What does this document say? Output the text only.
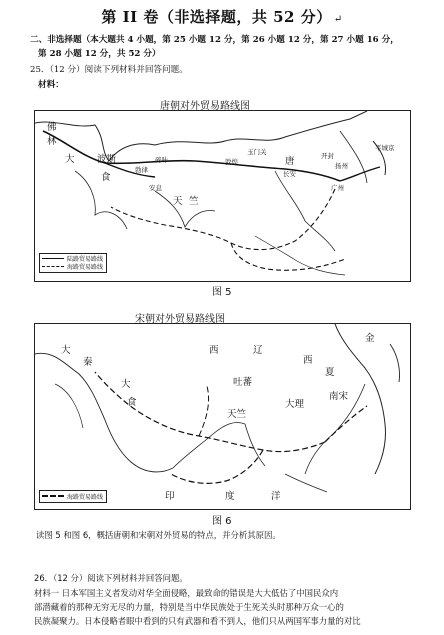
第 II 卷（非选择题，共 52 分） ↵
二、非选择题（本大题共 4 小题，第 25 小题 12 分，第 26 小题 12 分，第 27 小题 16 分，
第 28 小题 12 分，共 52 分）
25．（12 分）阅读下列材料并回答问题。
材料：
唐朝对外贸易路线图
佛
林
大 波斯
食
碎叶	敦煌
玉门关
唐
长安
扬州
平城京
开封
天 竺
广州
勃律
安息
陆路贸易路线
海路贸易路线
图 5
宋朝对外贸易路线图
大
秦
西	辽
金
西
夏
大
食
吐蕃
大理
南宋
天竺
印	度	洋
海路贸易路线
图 6
读图 5 和图 6，概括唐朝和宋朝对外贸易的特点，并分析其原因。
26．（12 分）阅读下列材料并回答问题。
材料一 日本军国主义者发动对华全面侵略，最致命的错误是大大低估了中国民众内
部潜藏着的那种无穷无尽的力量，特别是当中华民族处于生死关头时那种万众一心的
民族凝聚力。日本侵略者眼中看到的只有武器和看不到人，他们只从两国军事力量的对比
